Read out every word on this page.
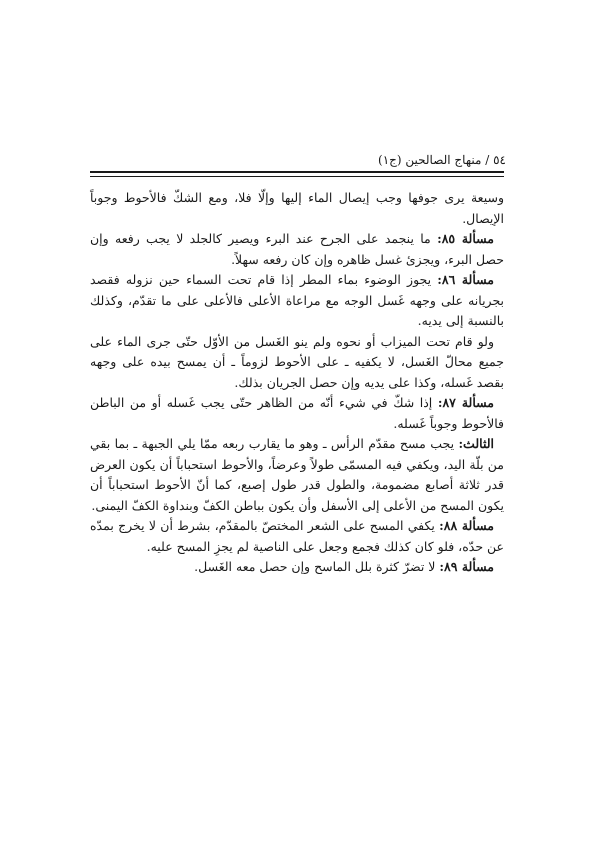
٥٤ / منهاج الصالحين (ج١)

وسيعة يرى جوفها وجب إيصال الماء إليها وإلّا فلا، ومع الشكّ فالأحوط وجوباً الإيصال.

مسألة ٨٥: ما ينجمد على الجرح عند البرء ويصير كالجلد لا يجب رفعه وإن حصل البرء، ويجزئ غسل ظاهره وإن كان رفعه سهلاً.

مسألة ٨٦: يجوز الوضوء بماء المطر إذا قام تحت السماء حين نزوله فقصد بجريانه على وجهه غَسل الوجه مع مراعاة الأعلى فالأعلى على ما تقدّم، وكذلك بالنسبة إلى يديه.

ولو قام تحت الميزاب أو نحوه ولم ينو الغَسل من الأوّل حتّى جرى الماء على جميع محالّ الغَسل، لا يكفيه ـ على الأحوط لزوماً ـ أن يمسح بيده على وجهه بقصد غَسله، وكذا على يديه وإن حصل الجريان بذلك.

مسألة ٨٧: إذا شكّ في شيء أنّه من الظاهر حتّى يجب غَسله أو من الباطن فالأحوط وجوباً غَسله.

الثالث: يجب مسح مقدّم الرأس ـ وهو ما يقارب ربعه ممّا يلي الجبهة ـ بما بقي من بلّة اليد، ويكفي فيه المسمّى طولاً وعرضاً، والأحوط استحباباً أن يكون العرض قدر ثلاثة أصابع مضمومة، والطول قدر طول إصبع، كما أنّ الأحوط استحباباً أن يكون المسح من الأعلى إلى الأسفل وأن يكون بباطن الكفّ وبنداوة الكفّ اليمنى.

مسألة ٨٨: يكفي المسح على الشعر المختصّ بالمقدّم، بشرط أن لا يخرج بمدّه عن حدّه، فلو كان كذلك فجمع وجعل على الناصية لم يجزِ المسح عليه.

مسألة ٨٩: لا تضرّ كثرة بلل الماسح وإن حصل معه الغَسل.
